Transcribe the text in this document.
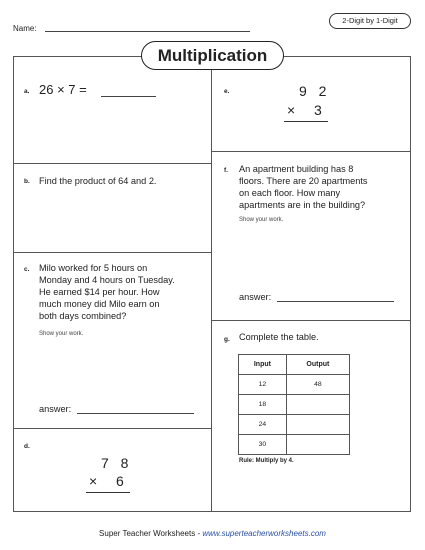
Name:
2-Digit by 1-Digit
Multiplication
a. 26 × 7 =
b. Find the product of 64 and 2.
c. Milo worked for 5 hours on
Monday and 4 hours on Tuesday.
He earned $14 per hour. How
much money did Milo earn on
both days combined?
Show your work.
answer:
d.
7 8
× 6
e.	9 2
× 3
f. An apartment building has 8
floors. There are 20 apartments
on each floor. How many
apartments are in the building?
Show your work.
answer:
g. Complete the table.
Input	Output
12	48
18	
24	
30	
Rule: Multiply by 4.
Super Teacher Worksheets - www.superteacherworksheets.com
